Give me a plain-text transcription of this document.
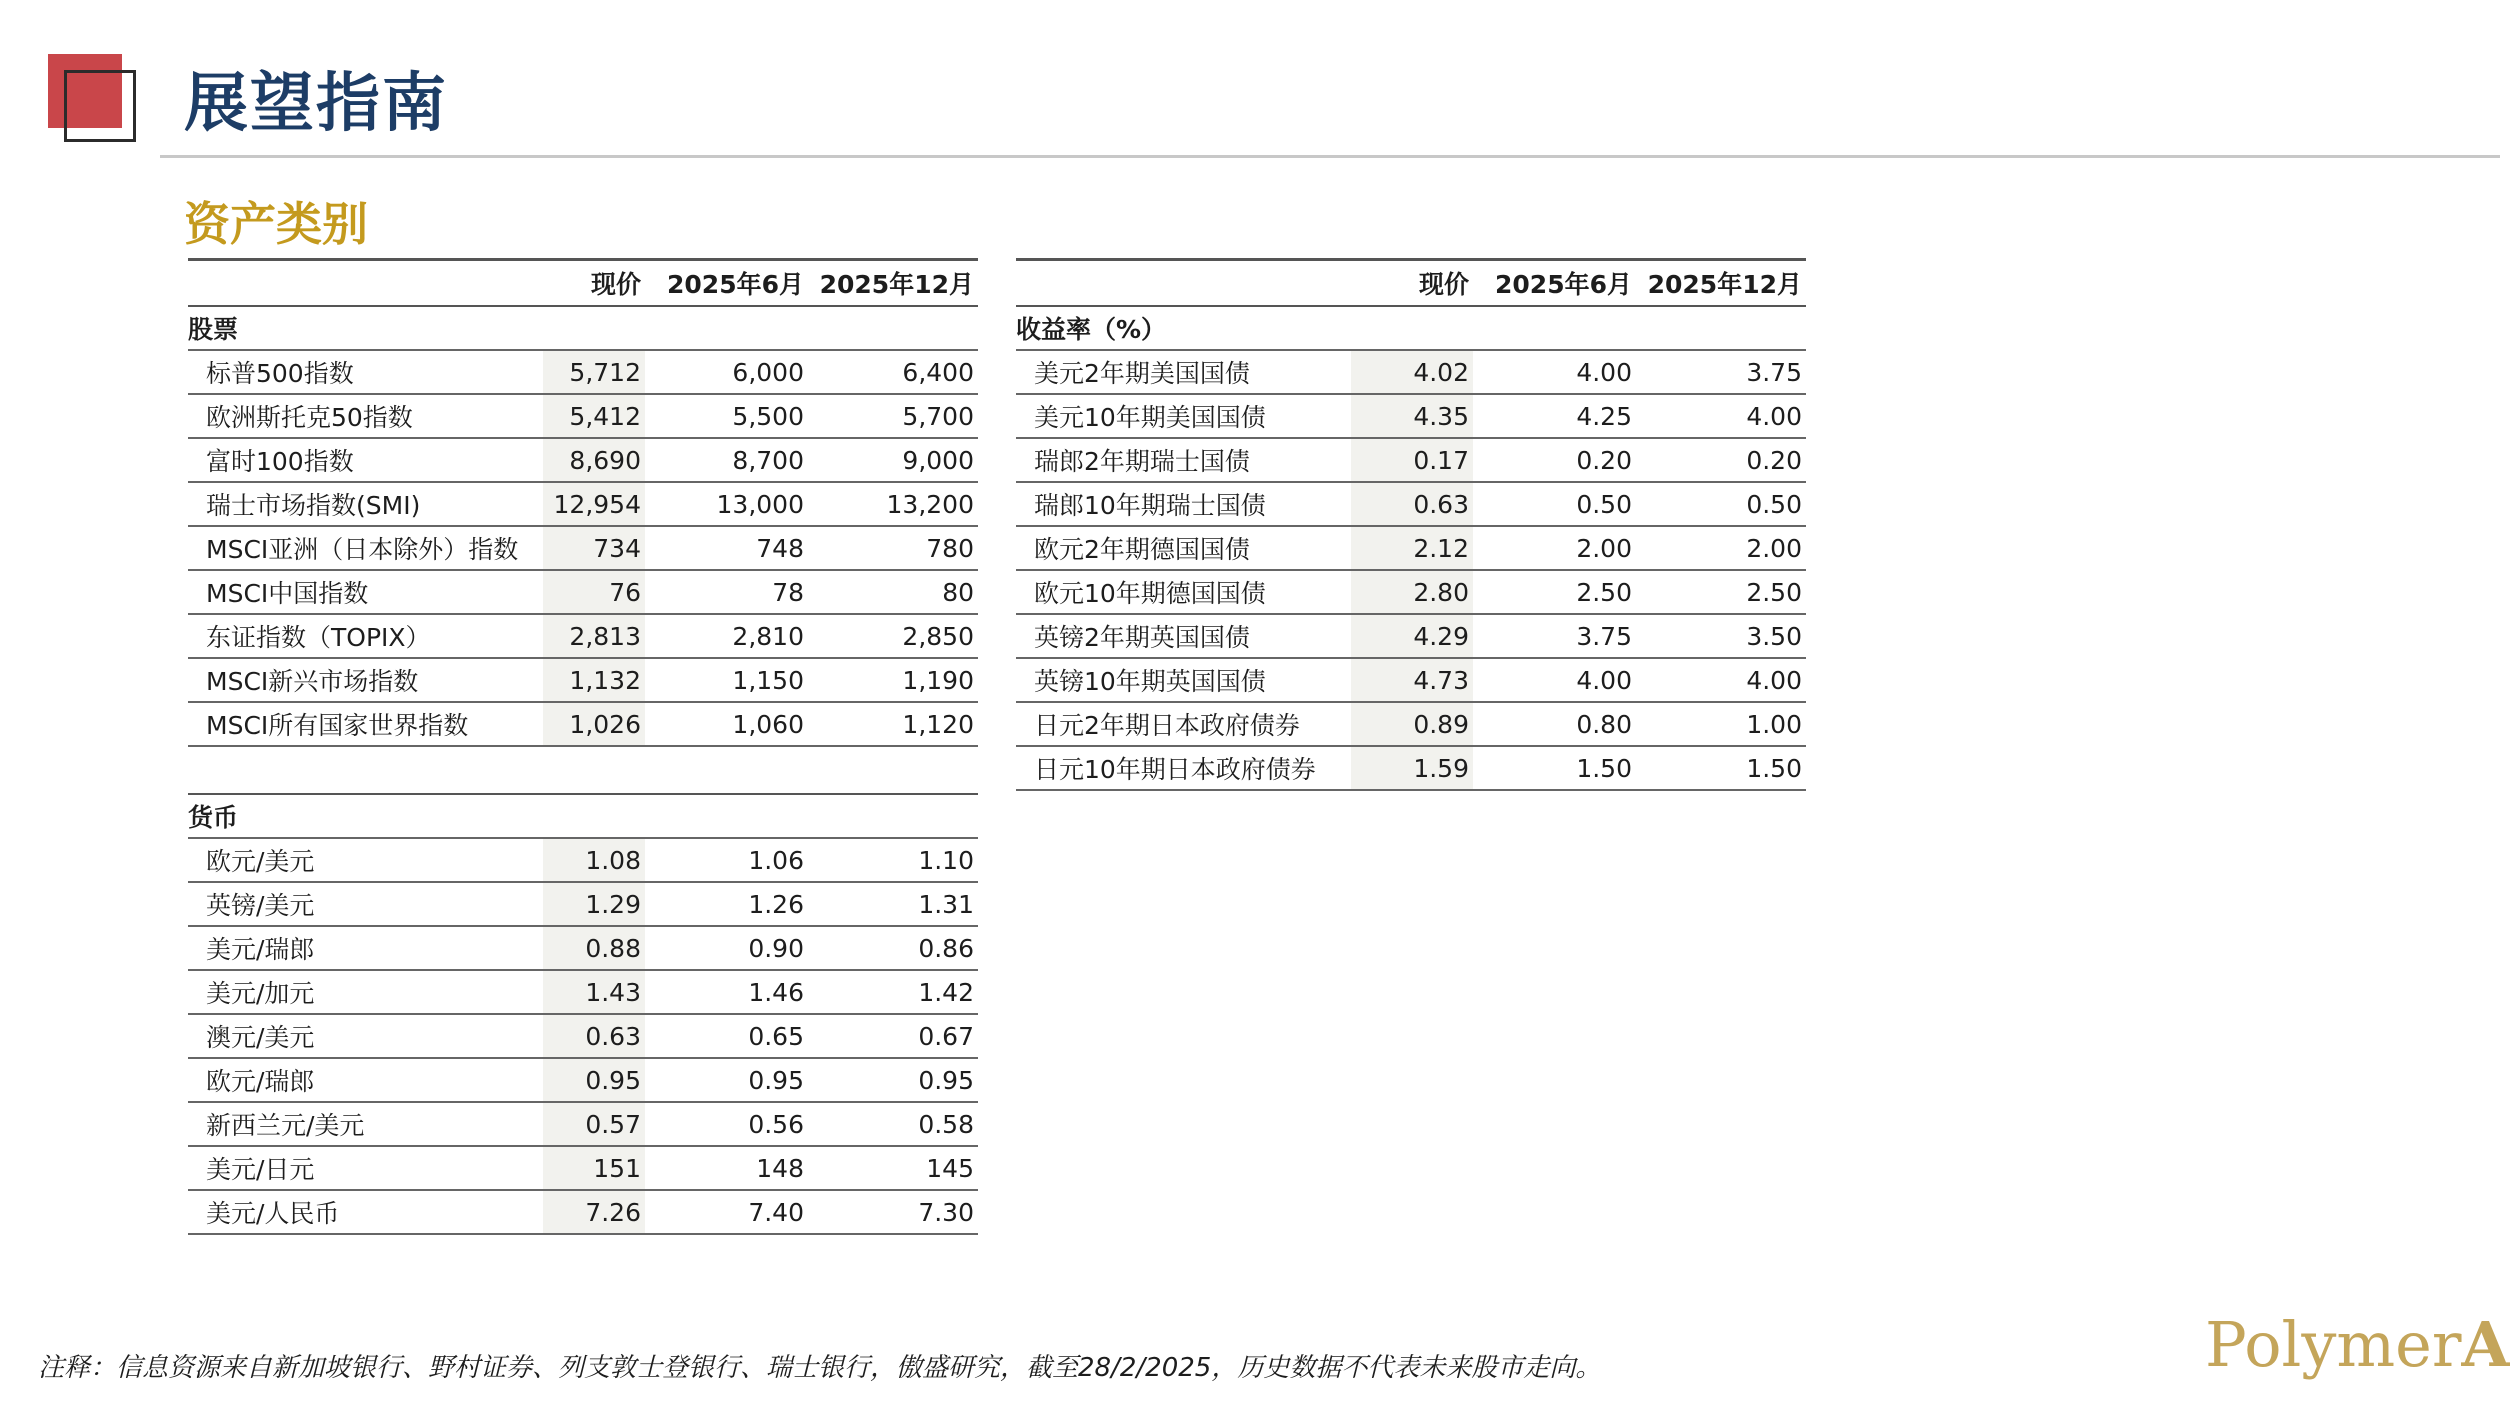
展望指南
资产类别
	现价	2025年6月	2025年12月
股票			
标普500指数	5,712	6,000	6,400
欧洲斯托克50指数	5,412	5,500	5,700
富时100指数	8,690	8,700	9,000
瑞士市场指数(SMI)	12,954	13,000	13,200
MSCI亚洲（日本除外）指数	734	748	780
MSCI中国指数	76	78	80
东证指数（TOPIX）	2,813	2,810	2,850
MSCI新兴市场指数	1,132	1,150	1,190
MSCI所有国家世界指数	1,026	1,060	1,120

货币			
欧元/美元	1.08	1.06	1.10
英镑/美元	1.29	1.26	1.31
美元/瑞郎	0.88	0.90	0.86
美元/加元	1.43	1.46	1.42
澳元/美元	0.63	0.65	0.67
欧元/瑞郎	0.95	0.95	0.95
新西兰元/美元	0.57	0.56	0.58
美元/日元	151	148	145
美元/人民币	7.26	7.40	7.30
	现价	2025年6月	2025年12月
收益率（%）			
美元2年期美国国债	4.02	4.00	3.75
美元10年期美国国债	4.35	4.25	4.00
瑞郎2年期瑞士国债	0.17	0.20	0.20
瑞郎10年期瑞士国债	0.63	0.50	0.50
欧元2年期德国国债	2.12	2.00	2.00
欧元10年期德国国债	2.80	2.50	2.50
英镑2年期英国国债	4.29	3.75	3.50
英镑10年期英国国债	4.73	4.00	4.00
日元2年期日本政府债券	0.89	0.80	1.00
日元10年期日本政府债券	1.59	1.50	1.50
注释：信息资源来自新加坡银行、野村证券、列支敦士登银行、瑞士银行，傲盛研究，截至28/2/2025，历史数据不代表未来股市走向。	PolymerA
